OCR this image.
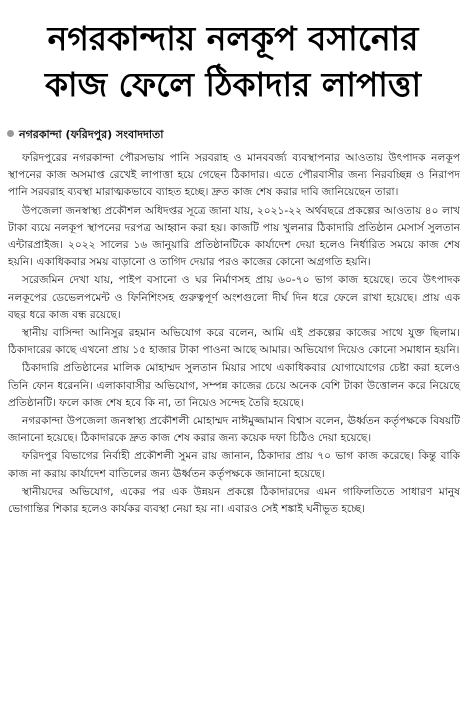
নগরকান্দায় নলকূপ বসানোর
কাজ ফেলে ঠিকাদার লাপাত্তা
নগরকান্দা (ফরিদপুর) সংবাদদাতা

ফরিদপুরের নগরকান্দা পৌরসভায় পানি সরবরাহ ও মানববর্জ্য ব্যবস্থাপনার আওতায় উৎপাদক নলকূপ স্থাপনের কাজ অসমাপ্ত রেখেই লাপাত্তা হয়ে গেছেন ঠিকাদার। এতে পৌরবাসীর জন্য নিরবচ্ছিন্ন ও নিরাপদ পানি সরবরাহ ব্যবস্থা মারাত্মকভাবে ব্যাহত হচ্ছে। দ্রুত কাজ শেষ করার দাবি জানিয়েছেন তারা।

উপজেলা জনস্বাস্থ্য প্রকৌশল অধিদপ্তর সূত্রে জানা যায়, ২০২১-২২ অর্থবছরে প্রকল্পের আওতায় ৪০ লাখ টাকা ব্যয়ে নলকূপ স্থাপনের দরপত্র আহ্বান করা হয়। কাজটি পায় খুলনার ঠিকাদারি প্রতিষ্ঠান মেসার্স সুলতান এন্টারপ্রাইজ। ২০২২ সালের ১৬ জানুয়ারি প্রতিষ্ঠানটিকে কার্যাদেশ দেয়া হলেও নির্ধারিত সময়ে কাজ শেষ হয়নি। একাধিকবার সময় বাড়ানো ও তাগিদ দেয়ার পরও কাজের কোনো অগ্রগতি হয়নি।

সরেজমিন দেখা যায়, পাইপ বসানো ও ঘর নির্মাণসহ প্রায় ৬০-৭০ ভাগ কাজ হয়েছে। তবে উৎপাদক নলকূপের ডেভেলপমেন্ট ও ফিনিশিংসহ গুরুত্বপূর্ণ অংশগুলো দীর্ঘ দিন ধরে ফেলে রাখা হয়েছে। প্রায় এক বছর ধরে কাজ বন্ধ রয়েছে।

স্থানীয় বাসিন্দা আনিসুর রহমান অভিযোগ করে বলেন, আমি এই প্রকল্পের কাজের সাথে যুক্ত ছিলাম। ঠিকাদারের কাছে এখনো প্রায় ১৫ হাজার টাকা পাওনা আছে আমার। অভিযোগ দিয়েও কোনো সমাধান হয়নি।

ঠিকাদারি প্রতিষ্ঠানের মালিক মোহাম্মদ সুলতান মিয়ার সাথে একাধিকবার যোগাযোগের চেষ্টা করা হলেও তিনি ফোন ধরেননি। এলাকাবাসীর অভিযোগ, সম্পন্ন কাজের চেয়ে অনেক বেশি টাকা উত্তোলন করে নিয়েছে প্রতিষ্ঠানটি। ফলে কাজ শেষ হবে কি না, তা নিয়েও সন্দেহ তৈরি হয়েছে।

নগরকান্দা উপজেলা জনস্বাস্থ্য প্রকৌশলী মোহাম্মদ নাঈমুজ্জামান বিশ্বাস বলেন, ঊর্ধ্বতন কর্তৃপক্ষকে বিষয়টি জানানো হয়েছে। ঠিকাদারকে দ্রুত কাজ শেষ করার জন্য কয়েক দফা চিঠিও দেয়া হয়েছে।

ফরিদপুর বিভাগের নির্বাহী প্রকৌশলী সুমন রায় জানান, ঠিকাদার প্রায় ৭০ ভাগ কাজ করেছে। কিন্তু বাকি কাজ না করায় কার্যাদেশ বাতিলের জন্য ঊর্ধ্বতন কর্তৃপক্ষকে জানানো হয়েছে।

স্থানীয়দের অভিযোগ, একের পর এক উন্নয়ন প্রকল্পে ঠিকাদারদের এমন গাফিলতিতে সাধারণ মানুষ ভোগান্তির শিকার হলেও কার্যকর ব্যবস্থা নেয়া হয় না। এবারও সেই শঙ্কাই ঘনীভূত হচ্ছে।
